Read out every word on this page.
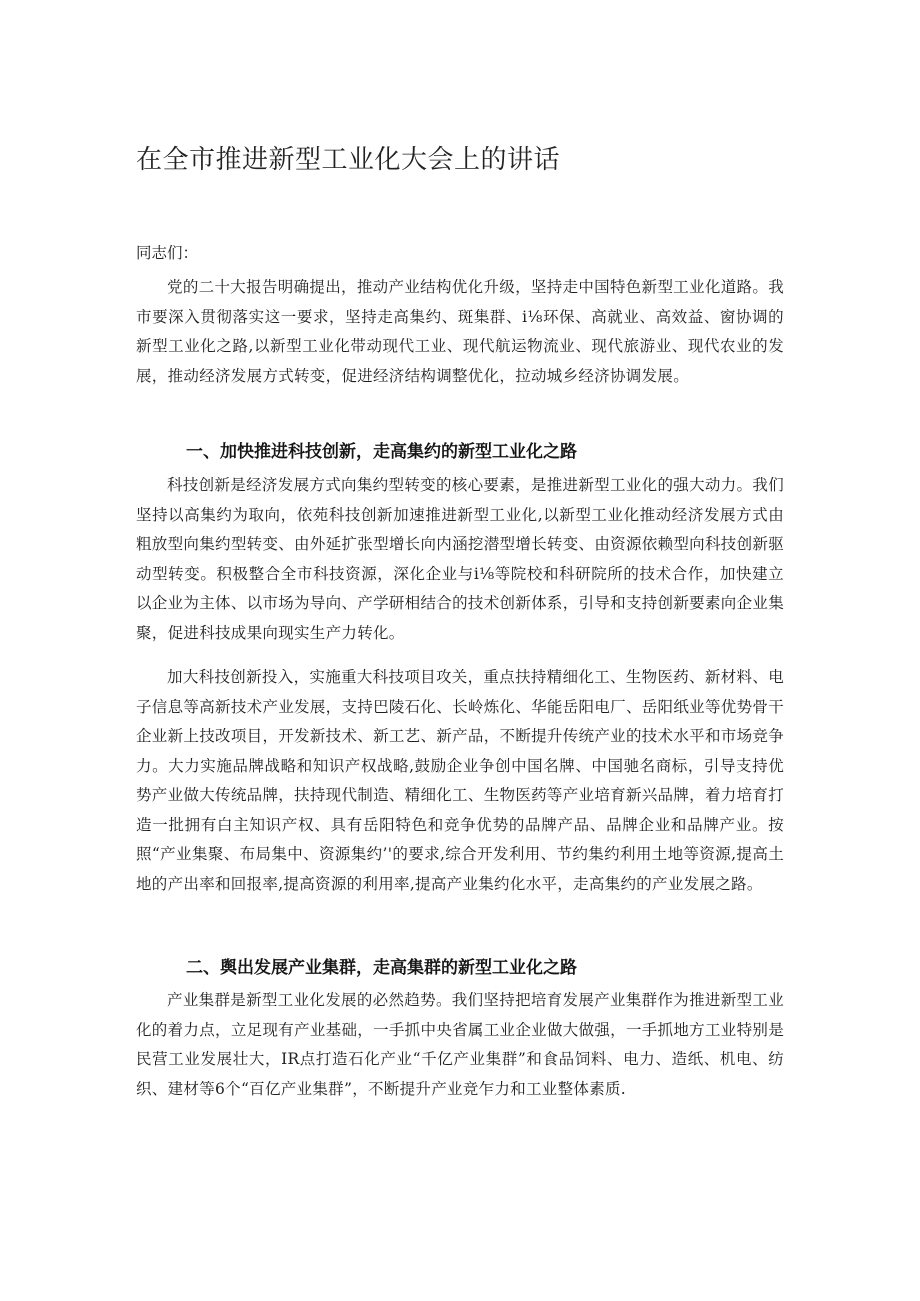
在全市推进新型工业化大会上的讲话
同志们：

党的二十大报告明确提出，推动产业结构优化升级，坚持走中国特色新型工业化道路。我市要深入贯彻落实这一要求，坚持走高集约、斑集群、i⅛环保、高就业、高效益、窗协调的新型工业化之路,以新型工业化带动现代工业、现代航运物流业、现代旅游业、现代农业的发展，推动经济发展方式转变，促进经济结构调整优化，拉动城乡经济协调发展。

一、加快推进科技创新，走高集约的新型工业化之路

科技创新是经济发展方式向集约型转变的核心要素，是推进新型工业化的强大动力。我们坚持以高集约为取向，依苑科技创新加速推进新型工业化,以新型工业化推动经济发展方式由粗放型向集约型转变、由外延扩张型增长向内涵挖潜型增长转变、由资源依赖型向科技创新驱动型转变。积极整合全市科技资源，深化企业与i⅛等院校和科研院所的技术合作，加快建立以企业为主体、以市场为导向、产学研相结合的技术创新体系，引导和支持创新要素向企业集聚，促进科技成果向现实生产力转化。

加大科技创新投入，实施重大科技项目攻关，重点扶持精细化工、生物医药、新材料、电子信息等高新技术产业发展，支持巴陵石化、长岭炼化、华能岳阳电厂、岳阳纸业等优势骨干企业新上技改项目，开发新技术、新工艺、新产品，不断提升传统产业的技术水平和市场竞争力。大力实施品牌战略和知识产权战略,鼓励企业争创中国名牌、中国驰名商标，引导支持优势产业做大传统品牌，扶持现代制造、精细化工、生物医药等产业培育新兴品牌，着力培育打造一批拥有白主知识产权、具有岳阳特色和竞争优势的品牌产品、品牌企业和品牌产业。按照“产业集聚、布局集中、资源集约’'的要求,综合开发利用、节约集约利用土地等资源,提高土地的产出率和回报率,提高资源的利用率,提高产业集约化水平，走高集约的产业发展之路。

二、舆出发展产业集群，走高集群的新型工业化之路

产业集群是新型工业化发展的必然趋势。我们坚持把培育发展产业集群作为推进新型工业化的着力点，立足现有产业基础，一手抓中央省属工业企业做大做强，一手抓地方工业特别是民营工业发展壮大，IR点打造石化产业“千亿产业集群”和食品饲料、电力、造纸、机电、纺织、建材等6个“百亿产业集群”，不断提升产业竞乍力和工业整体素质.
